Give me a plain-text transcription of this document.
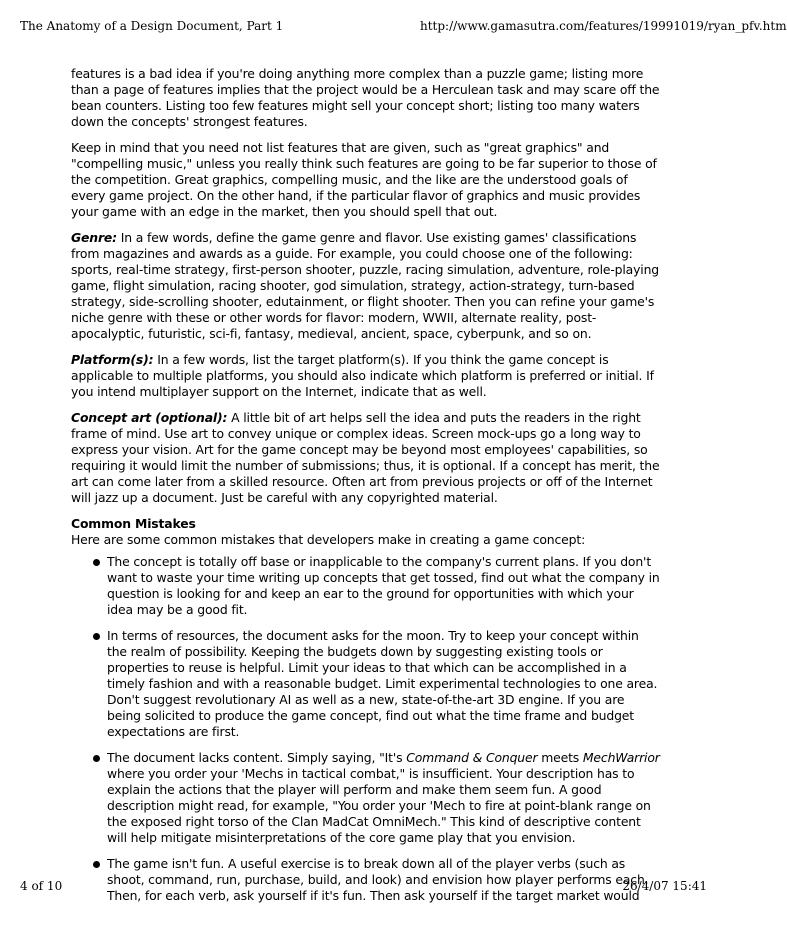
The Anatomy of a Design Document, Part 1	http://www.gamasutra.com/features/19991019/ryan_pfv.htm

features is a bad idea if you're doing anything more complex than a puzzle game; listing more than a page of features implies that the project would be a Herculean task and may scare off the bean counters. Listing too few features might sell your concept short; listing too many waters down the concepts' strongest features.

Keep in mind that you need not list features that are given, such as "great graphics" and "compelling music," unless you really think such features are going to be far superior to those of the competition. Great graphics, compelling music, and the like are the understood goals of every game project. On the other hand, if the particular flavor of graphics and music provides your game with an edge in the market, then you should spell that out.

Genre: In a few words, define the game genre and flavor. Use existing games' classifications from magazines and awards as a guide. For example, you could choose one of the following: sports, real-time strategy, first-person shooter, puzzle, racing simulation, adventure, role-playing game, flight simulation, racing shooter, god simulation, strategy, action-strategy, turn-based strategy, side-scrolling shooter, edutainment, or flight shooter. Then you can refine your game's niche genre with these or other words for flavor: modern, WWII, alternate reality, post-apocalyptic, futuristic, sci-fi, fantasy, medieval, ancient, space, cyberpunk, and so on.

Platform(s): In a few words, list the target platform(s). If you think the game concept is applicable to multiple platforms, you should also indicate which platform is preferred or initial. If you intend multiplayer support on the Internet, indicate that as well.

Concept art (optional): A little bit of art helps sell the idea and puts the readers in the right frame of mind. Use art to convey unique or complex ideas. Screen mock-ups go a long way to express your vision. Art for the game concept may be beyond most employees' capabilities, so requiring it would limit the number of submissions; thus, it is optional. If a concept has merit, the art can come later from a skilled resource. Often art from previous projects or off of the Internet will jazz up a document. Just be careful with any copyrighted material.

Common Mistakes
Here are some common mistakes that developers make in creating a game concept:

The concept is totally off base or inapplicable to the company's current plans. If you don't want to waste your time writing up concepts that get tossed, find out what the company in question is looking for and keep an ear to the ground for opportunities with which your idea may be a good fit.
In terms of resources, the document asks for the moon. Try to keep your concept within the realm of possibility. Keeping the budgets down by suggesting existing tools or properties to reuse is helpful. Limit your ideas to that which can be accomplished in a timely fashion and with a reasonable budget. Limit experimental technologies to one area. Don't suggest revolutionary AI as well as a new, state-of-the-art 3D engine. If you are being solicited to produce the game concept, find out what the time frame and budget expectations are first.
The document lacks content. Simply saying, "It's Command & Conquer meets MechWarrior where you order your 'Mechs in tactical combat," is insufficient. Your description has to explain the actions that the player will perform and make them seem fun. A good description might read, for example, "You order your 'Mech to fire at point-blank range on the exposed right torso of the Clan MadCat OmniMech." This kind of descriptive content will help mitigate misinterpretations of the core game play that you envision.
The game isn't fun. A useful exercise is to break down all of the player verbs (such as shoot, command, run, purchase, build, and look) and envision how player performs each. Then, for each verb, ask yourself if it's fun. Then ask yourself if the target market would
4 of 10	26/4/07 15:41
